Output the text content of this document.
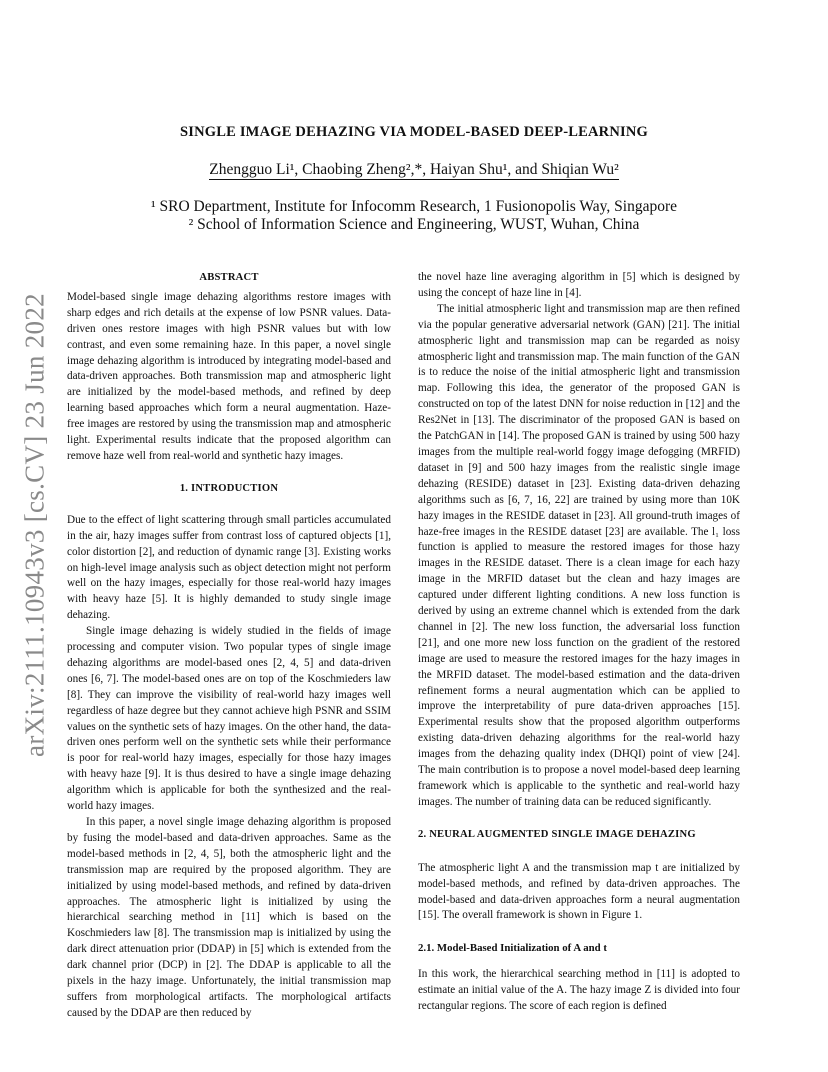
arXiv:2111.10943v3 [cs.CV] 23 Jun 2022
SINGLE IMAGE DEHAZING VIA MODEL-BASED DEEP-LEARNING
Zhengguo Li¹, Chaobing Zheng²,*, Haiyan Shu¹, and Shiqian Wu²
¹ SRO Department, Institute for Infocomm Research, 1 Fusionopolis Way, Singapore
² School of Information Science and Engineering, WUST, Wuhan, China
ABSTRACT

Model-based single image dehazing algorithms restore images with sharp edges and rich details at the expense of low PSNR values. Data-driven ones restore images with high PSNR values but with low contrast, and even some remaining haze. In this paper, a novel single image dehazing algorithm is introduced by integrating model-based and data-driven approaches. Both transmission map and atmospheric light are initialized by the model-based methods, and refined by deep learning based approaches which form a neural augmentation. Haze-free images are restored by using the transmission map and atmospheric light. Experimental results indicate that the proposed algorithm can remove haze well from real-world and synthetic hazy images.

1. INTRODUCTION

Due to the effect of light scattering through small particles accumulated in the air, hazy images suffer from contrast loss of captured objects [1], color distortion [2], and reduction of dynamic range [3]. Existing works on high-level image analysis such as object detection might not perform well on the hazy images, especially for those real-world hazy images with heavy haze [5]. It is highly demanded to study single image dehazing.

Single image dehazing is widely studied in the fields of image processing and computer vision. Two popular types of single image dehazing algorithms are model-based ones [2, 4, 5] and data-driven ones [6, 7]. The model-based ones are on top of the Koschmieders law [8]. They can improve the visibility of real-world hazy images well regardless of haze degree but they cannot achieve high PSNR and SSIM values on the synthetic sets of hazy images. On the other hand, the data-driven ones perform well on the synthetic sets while their performance is poor for real-world hazy images, especially for those hazy images with heavy haze [9]. It is thus desired to have a single image dehazing algorithm which is applicable for both the synthesized and the real-world hazy images.

In this paper, a novel single image dehazing algorithm is proposed by fusing the model-based and data-driven approaches. Same as the model-based methods in [2, 4, 5], both the atmospheric light and the transmission map are required by the proposed algorithm. They are initialized by using model-based methods, and refined by data-driven approaches. The atmospheric light is initialized by using the hierarchical searching method in [11] which is based on the Koschmieders law [8]. The transmission map is initialized by using the dark direct attenuation prior (DDAP) in [5] which is extended from the dark channel prior (DCP) in [2]. The DDAP is applicable to all the pixels in the hazy image. Unfortunately, the initial transmission map suffers from morphological artifacts. The morphological artifacts caused by the DDAP are then reduced by

the novel haze line averaging algorithm in [5] which is designed by using the concept of haze line in [4].

The initial atmospheric light and transmission map are then refined via the popular generative adversarial network (GAN) [21]. The initial atmospheric light and transmission map can be regarded as noisy atmospheric light and transmission map. The main function of the GAN is to reduce the noise of the initial atmospheric light and transmission map. Following this idea, the generator of the proposed GAN is constructed on top of the latest DNN for noise reduction in [12] and the Res2Net in [13]. The discriminator of the proposed GAN is based on the PatchGAN in [14]. The proposed GAN is trained by using 500 hazy images from the multiple real-world foggy image defogging (MRFID) dataset in [9] and 500 hazy images from the realistic single image dehazing (RESIDE) dataset in [23]. Existing data-driven dehazing algorithms such as [6, 7, 16, 22] are trained by using more than 10K hazy images in the RESIDE dataset in [23]. All ground-truth images of haze-free images in the RESIDE dataset [23] are available. The l₁ loss function is applied to measure the restored images for those hazy images in the RESIDE dataset. There is a clean image for each hazy image in the MRFID dataset but the clean and hazy images are captured under different lighting conditions. A new loss function is derived by using an extreme channel which is extended from the dark channel in [2]. The new loss function, the adversarial loss function [21], and one more new loss function on the gradient of the restored image are used to measure the restored images for the hazy images in the MRFID dataset. The model-based estimation and the data-driven refinement forms a neural augmentation which can be applied to improve the interpretability of pure data-driven approaches [15]. Experimental results show that the proposed algorithm outperforms existing data-driven dehazing algorithms for the real-world hazy images from the dehazing quality index (DHQI) point of view [24]. The main contribution is to propose a novel model-based deep learning framework which is applicable to the synthetic and real-world hazy images. The number of training data can be reduced significantly.

2. NEURAL AUGMENTED SINGLE IMAGE DEHAZING

The atmospheric light A and the transmission map t are initialized by model-based methods, and refined by data-driven approaches. The model-based and data-driven approaches form a neural augmentation [15]. The overall framework is shown in Figure 1.

2.1. Model-Based Initialization of A and t

In this work, the hierarchical searching method in [11] is adopted to estimate an initial value of the A. The hazy image Z is divided into four rectangular regions. The score of each region is defined
